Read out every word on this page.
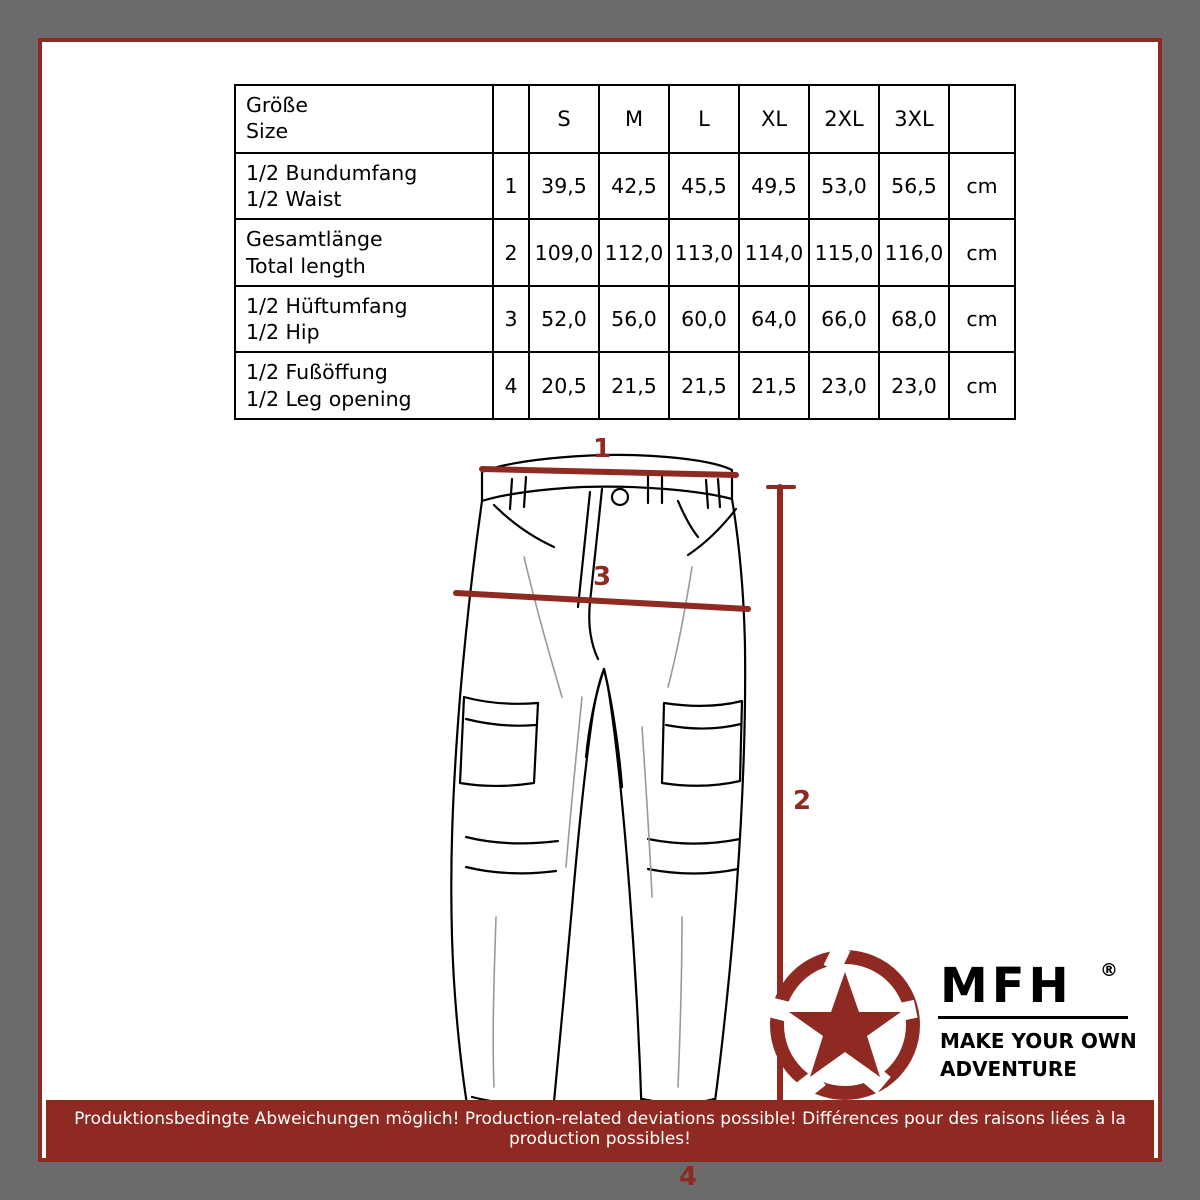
Größe
Size		S	M	L	XL	2XL	3XL	

1/2 Bundumfang
1/2 Waist	1	39,5	42,5	45,5	49,5	53,0	56,5	cm

Gesamtlänge
Total length	2	109,0	112,0	113,0	114,0	115,0	116,0	cm

1/2 Hüftumfang
1/2 Hip	3	52,0	56,0	60,0	64,0	66,0	68,0	cm

1/2 Fußöffung
1/2 Leg opening	4	20,5	21,5	21,5	21,5	23,0	23,0	cm
1
3
2
4
MFH ®
MAKE YOUR OWN
ADVENTURE
Produktionsbedingte Abweichungen möglich! Production-related deviations possible! Différences pour des raisons liées à la production possibles!
